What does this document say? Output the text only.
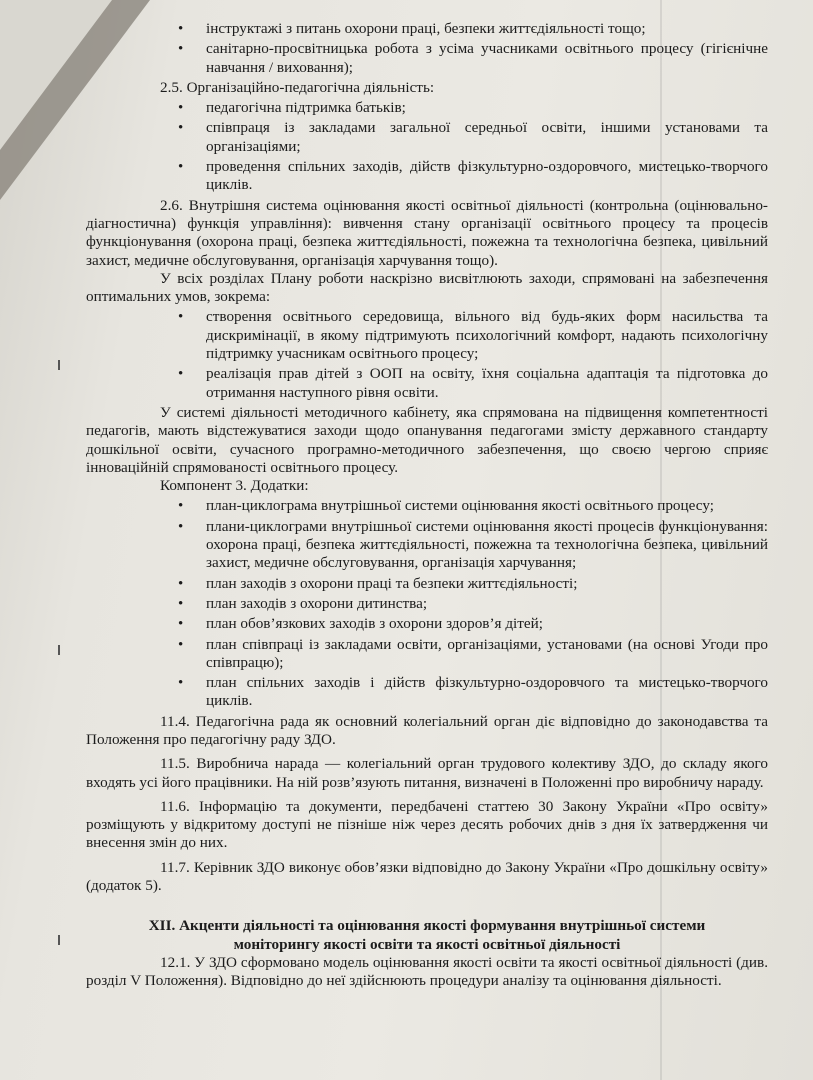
• інструктажі з питань охорони праці, безпеки життєдіяльності тощо;

• санітарно-просвітницька робота з усіма учасниками освітнього процесу (гігієнічне навчання / виховання);

2.5. Організаційно-педагогічна діяльність:

• педагогічна підтримка батьків;

• співпраця із закладами загальної середньої освіти, іншими установами та організаціями;

• проведення спільних заходів, дійств фізкультурно-оздоровчого, мистецько-творчого циклів.

2.6. Внутрішня система оцінювання якості освітньої діяльності (контрольна (оцінювально-діагностична) функція управління): вивчення стану організації освітнього процесу та процесів функціонування (охорона праці, безпека життєдіяльності, пожежна та технологічна безпека, цивільний захист, медичне обслуговування, організація харчування тощо).

У всіх розділах Плану роботи наскрізно висвітлюють заходи, спрямовані на забезпечення оптимальних умов, зокрема:

• створення освітнього середовища, вільного від будь-яких форм насильства та дискримінації, в якому підтримують психологічний комфорт, надають психологічну підтримку учасникам освітнього процесу;

• реалізація прав дітей з ООП на освіту, їхня соціальна адаптація та підготовка до отримання наступного рівня освіти.

У системі діяльності методичного кабінету, яка спрямована на підвищення компетентності педагогів, мають відстежуватися заходи щодо опанування педагогами змісту державного стандарту дошкільної освіти, сучасного програмно-методичного забезпечення, що своєю чергою сприяє інноваційній спрямованості освітнього процесу.

Компонент 3. Додатки:

• план-циклограма внутрішньої системи оцінювання якості освітнього процесу;

• плани-циклограми внутрішньої системи оцінювання якості процесів функціонування: охорона праці, безпека життєдіяльності, пожежна та технологічна безпека, цивільний захист, медичне обслуговування, організація харчування;

• план заходів з охорони праці та безпеки життєдіяльності;

• план заходів з охорони дитинства;

• план обов’язкових заходів з охорони здоров’я дітей;

• план співпраці із закладами освіти, організаціями, установами (на основі Угоди про співпрацю);

• план спільних заходів і дійств фізкультурно-оздоровчого та мистецько-творчого циклів.

11.4. Педагогічна рада як основний колегіальний орган діє відповідно до законодавства та Положення про педагогічну раду ЗДО.

11.5. Виробнича нарада — колегіальний орган трудового колективу ЗДО, до складу якого входять усі його працівники. На ній розв’язують питання, визначені в Положенні про виробничу нараду.

11.6. Інформацію та документи, передбачені статтею 30 Закону України «Про освіту» розміщують у відкритому доступі не пізніше ніж через десять робочих днів з дня їх затвердження чи внесення змін до них.

11.7. Керівник ЗДО виконує обов’язки відповідно до Закону України «Про дошкільну освіту» (додаток 5).

XII. Акценти діяльності та оцінювання якості формування внутрішньої системи моніторингу якості освіти та якості освітньої діяльності

12.1. У ЗДО сформовано модель оцінювання якості освіти та якості освітньої діяльності (див. розділ V Положення). Відповідно до неї здійснюють процедури аналізу та оцінювання діяльності.
